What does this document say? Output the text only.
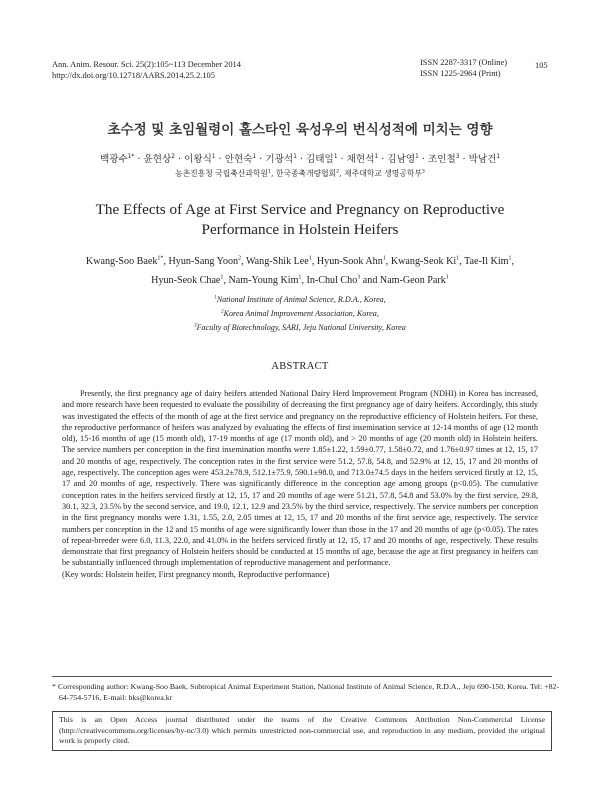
Ann. Anim. Resour. Sci. 25(2):105~113 December 2014
http://dx.doi.org/10.12718/AARS.2014.25.2.105
ISSN 2287-3317 (Online)
ISSN 1225-2964 (Print)
105
초수정 및 초임월령이 홀스타인 육성우의 번식성적에 미치는 영향
백광수$^{1*}$ · 윤현상$^2$ · 이왕식$^1$ · 안현숙$^1$ · 기광석$^1$ · 김태일$^1$ · 채현석$^1$ · 김남영$^1$ · 조인철$^3$ · 박남건$^1$
농촌진흥청 국립축산과학원$^1$, 한국종축개량협회$^2$, 제주대학교 생명공학부$^3$
The Effects of Age at First Service and Pregnancy on Reproductive
Performance in Holstein Heifers
Kwang-Soo Baek$^{1*}$, Hyun-Sang Yoon$^2$, Wang-Shik Lee$^1$, Hyun-Sook Ahn$^1$, Kwang-Seok Ki$^1$, Tae-Il Kim$^1$,
Hyun-Seok Chae$^1$, Nam-Young Kim$^1$, In-Chul Cho$^3$ and Nam-Geon Park$^1$
$^1$National Institute of Animal Science, R.D.A., Korea,
$^2$Korea Animal Improvement Association, Korea,
$^3$Faculty of Biotechnology, SARI, Jeju National University, Korea
ABSTRACT

Presently, the first pregnancy age of dairy heifers attended National Dairy Herd Improvement Program (NDHI) in Korea has increased, and more research have been requested to evaluate the possibility of decreasing the first pregnancy age of dairy heifers. Accordingly, this study was investigated the effects of the month of age at the first service and pregnancy on the reproductive efficiency of Holstein heifers. For these, the reproductive performance of heifers was analyzed by evaluating the effects of first insemination service at 12-14 months of age (12 month old), 15-16 months of age (15 month old), 17-19 months of age (17 month old), and > 20 months of age (20 month old) in Holstein heifers. The service numbers per conception in the first insemination months were 1.85±1.22, 1.59±0.77, 1.58±0.72, and 1.76±0.97 times at 12, 15, 17 and 20 months of age, respectively. The conception rates in the first service were 51.2, 57.8, 54.8, and 52.9% at 12, 15, 17 and 20 months of age, respectively. The conception ages were 453.2±78.9, 512.1±75.9, 590.1±98.0, and 713.0±74.5 days in the heifers serviced firstly at 12, 15, 17 and 20 months of age, respectively. There was significantly difference in the conception age among groups (p<0.05). The cumulative conception rates in the heifers serviced firstly at 12, 15, 17 and 20 months of age were 51.21, 57.8, 54.8 and 53.0% by the first service, 29.8, 30.1, 32.3, 23.5% by the second service, and 19.0, 12.1, 12.9 and 23.5% by the third service, respectively. The service numbers per conception in the first pregnancy months were 1.31, 1.55, 2.0, 2.05 times at 12, 15, 17 and 20 months of the first service age, respectively. The service numbers per conception in the 12 and 15 months of age were significantly lower than those in the 17 and 20 months of age (p<0.05). The rates of repeat-breeder were 6.0, 11.3, 22.0, and 41.0% in the heifers serviced firstly at 12, 15, 17 and 20 months of age, respectively. These results demonstrate that first pregnancy of Holstein heifers should be conducted at 15 months of age, because the age at first pregnancy in heifers can be substantially influenced through implementation of reproductive management and performance.

(Key words: Holstein heifer, First pregnancy month, Reproductive performance)
* Corresponding author: Kwang-Soo Baek, Subtropical Animal Experiment Station, National Institute of Animal Science, R.D.A., Jeju 690-150, Korea. Tel: +82-64-754-5716, E-mail: bks@korea.kr
This is an Open Access journal distributed under the teams of the Creative Commons Attribution Non-Commercial License (http://creativecommons.org/licenses/by-nc/3.0) which permits unrestricted non-commercial use, and reproduction in any medium, provided the original work is properly cited.
